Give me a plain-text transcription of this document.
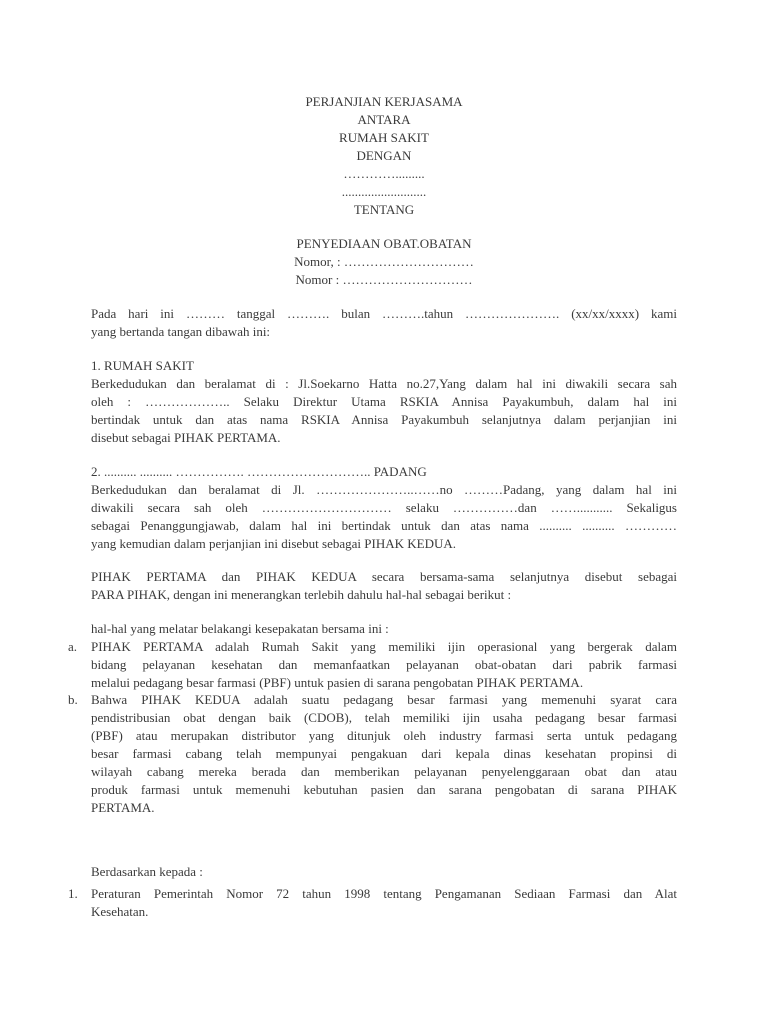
PERJANJIAN KERJASAMA
ANTARA
RUMAH SAKIT
DENGAN
………….........
..........................
TENTANG
PENYEDIAAN OBAT.OBATAN
Nomor, : …………………………
Nomor : …………………………
Pada hari ini ……… tanggal ………. bulan ……….tahun …………………. (xx/xx/xxxx) kami
yang bertanda tangan dibawah ini:
1. RUMAH SAKIT
Berkedudukan dan beralamat di : Jl.Soekarno Hatta no.27,Yang dalam hal ini diwakili secara sah
oleh : ……………….. Selaku Direktur Utama RSKIA Annisa Payakumbuh, dalam hal ini
bertindak untuk dan atas nama RSKIA Annisa Payakumbuh selanjutnya dalam perjanjian ini
disebut sebagai PIHAK PERTAMA.
2. .......... .......... ……………. ……………………….. PADANG
Berkedudukan dan beralamat di Jl. …………………..……no ………Padang, yang dalam hal ini
diwakili secara sah oleh ………………………… selaku ……………dan ……........... Sekaligus
sebagai Penanggungjawab, dalam hal ini bertindak untuk dan atas nama .......... .......... …………
yang kemudian dalam perjanjian ini disebut sebagai PIHAK KEDUA.
PIHAK PERTAMA dan PIHAK KEDUA secara bersama-sama selanjutnya disebut sebagai
PARA PIHAK, dengan ini menerangkan terlebih dahulu hal-hal sebagai berikut :
hal-hal yang melatar belakangi kesepakatan bersama ini :
a. PIHAK PERTAMA adalah Rumah Sakit yang memiliki ijin operasional yang bergerak dalam
bidang pelayanan kesehatan dan memanfaatkan pelayanan obat-obatan dari pabrik farmasi
melalui pedagang besar farmasi (PBF) untuk pasien di sarana pengobatan PIHAK PERTAMA.
b. Bahwa PIHAK KEDUA adalah suatu pedagang besar farmasi yang memenuhi syarat cara
pendistribusian obat dengan baik (CDOB), telah memiliki ijin usaha pedagang besar farmasi
(PBF) atau merupakan distributor yang ditunjuk oleh industry farmasi serta untuk pedagang
besar farmasi cabang telah mempunyai pengakuan dari kepala dinas kesehatan propinsi di
wilayah cabang mereka berada dan memberikan pelayanan penyelenggaraan obat dan atau
produk farmasi untuk memenuhi kebutuhan pasien dan sarana pengobatan di sarana PIHAK
PERTAMA.
Berdasarkan kepada :
1. Peraturan Pemerintah Nomor 72 tahun 1998 tentang Pengamanan Sediaan Farmasi dan Alat
Kesehatan.
